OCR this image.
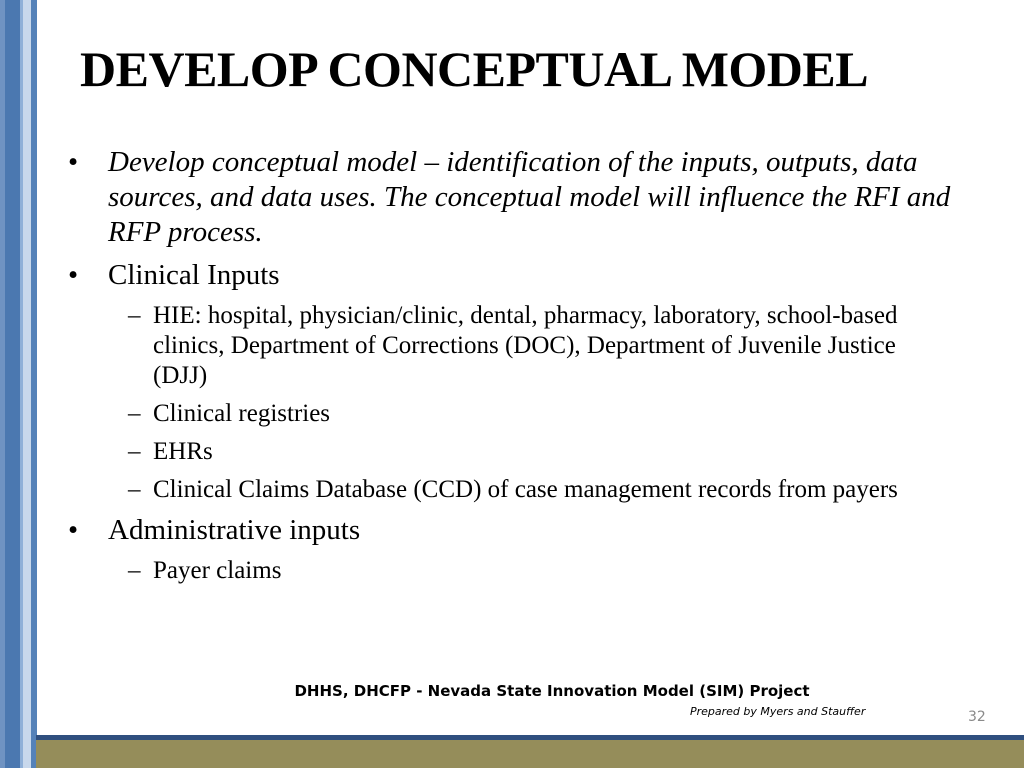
DEVELOP CONCEPTUAL MODEL
• Develop conceptual model – identification of the inputs, outputs, data sources, and data uses. The conceptual model will influence the RFI and RFP process.
• Clinical Inputs
– HIE: hospital, physician/clinic, dental, pharmacy, laboratory, school-based clinics, Department of Corrections (DOC), Department of Juvenile Justice (DJJ)
– Clinical registries
– EHRs
– Clinical Claims Database (CCD) of case management records from payers
• Administrative inputs
– Payer claims
DHHS, DHCFP - Nevada State Innovation Model (SIM) Project
Prepared by Myers and Stauffer	32
